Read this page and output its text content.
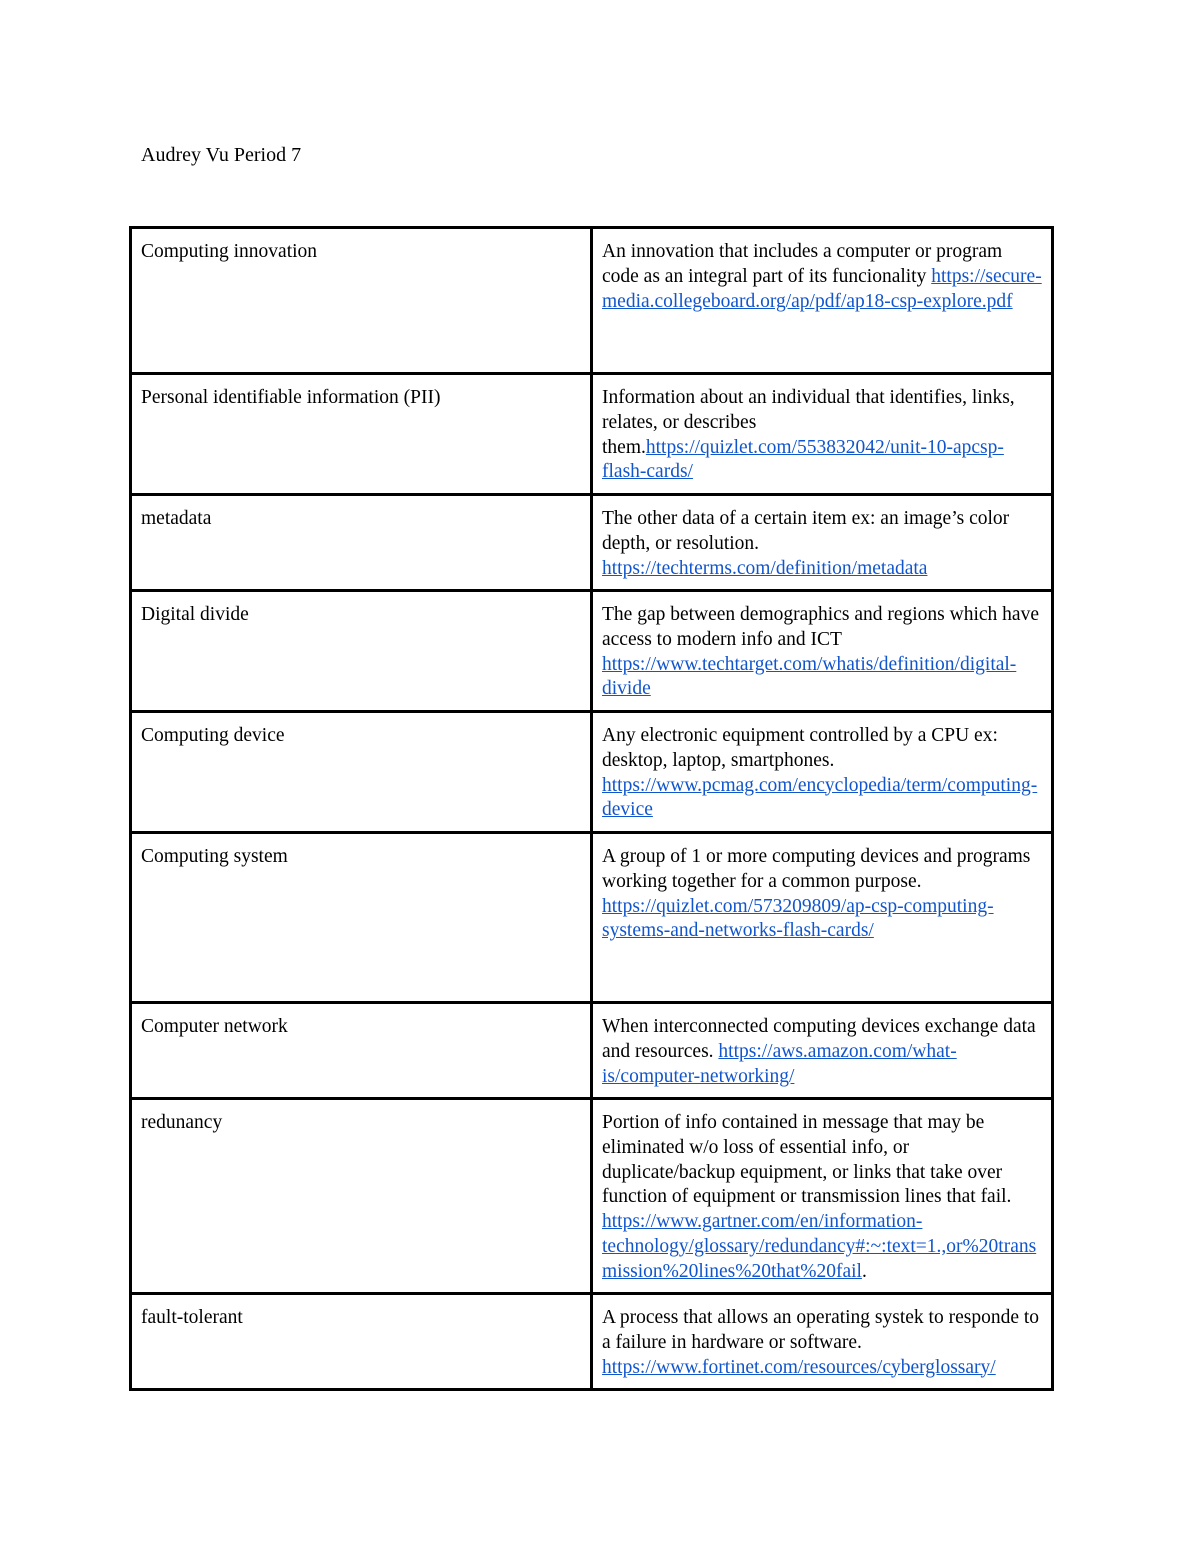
Audrey Vu Period 7
Computing innovation	An innovation that includes a computer or program code as an integral part of its funcionality https://secure-media.collegeboard.org/ap/pdf/ap18-csp-explore.pdf
Personal identifiable information (PII)	Information about an individual that identifies, links, relates, or describes them.https://quizlet.com/553832042/unit-10-apcsp-flash-cards/
metadata	The other data of a certain item ex: an image’s color depth, or resolution. https://techterms.com/definition/metadata
Digital divide	The gap between demographics and regions which have access to modern info and ICT https://www.techtarget.com/whatis/definition/digital-divide
Computing device	Any electronic equipment controlled by a CPU ex: desktop, laptop, smartphones. https://www.pcmag.com/encyclopedia/term/computing-device
Computing system	A group of 1 or more computing devices and programs working together for a common purpose. https://quizlet.com/573209809/ap-csp-computing-systems-and-networks-flash-cards/
Computer network	When interconnected computing devices exchange data and resources. https://aws.amazon.com/what-is/computer-networking/
redunancy	Portion of info contained in message that may be eliminated w/o loss of essential info, or duplicate/backup equipment, or links that take over function of equipment or transmission lines that fail. https://www.gartner.com/en/information-technology/glossary/redundancy#:~:text=1.,or%20transmission%20lines%20that%20fail.
fault-tolerant	A process that allows an operating systek to responde to a failure in hardware or software. https://www.fortinet.com/resources/cyberglossary/
